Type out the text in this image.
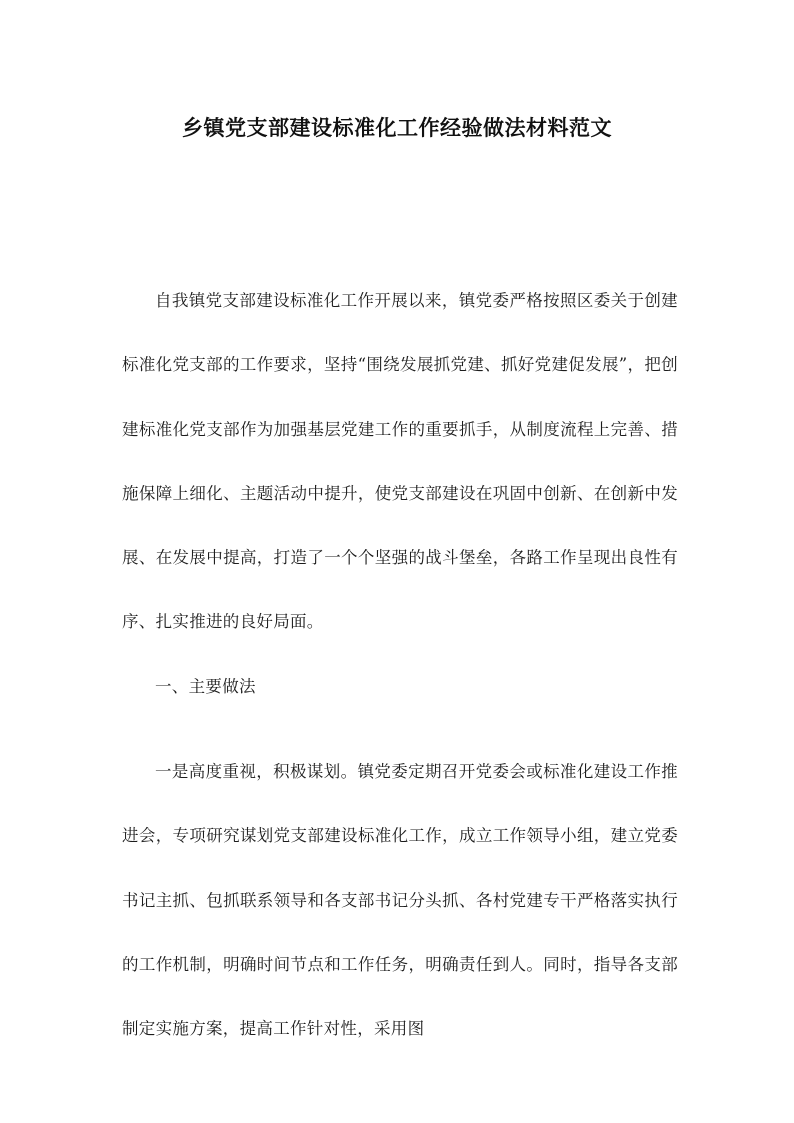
乡镇党支部建设标准化工作经验做法材料范文

自我镇党支部建设标准化工作开展以来，镇党委严格按照区委关于创建标准化党支部的工作要求，坚持“围绕发展抓党建、抓好党建促发展”，把创建标准化党支部作为加强基层党建工作的重要抓手，从制度流程上完善、措施保障上细化、主题活动中提升，使党支部建设在巩固中创新、在创新中发展、在发展中提高，打造了一个个坚强的战斗堡垒，各路工作呈现出良性有序、扎实推进的良好局面。

一、主要做法

一是高度重视，积极谋划。镇党委定期召开党委会或标准化建设工作推进会，专项研究谋划党支部建设标准化工作，成立工作领导小组，建立党委书记主抓、包抓联系领导和各支部书记分头抓、各村党建专干严格落实执行的工作机制，明确时间节点和工作任务，明确责任到人。同时，指导各支部制定实施方案，提高工作针对性，采用图
